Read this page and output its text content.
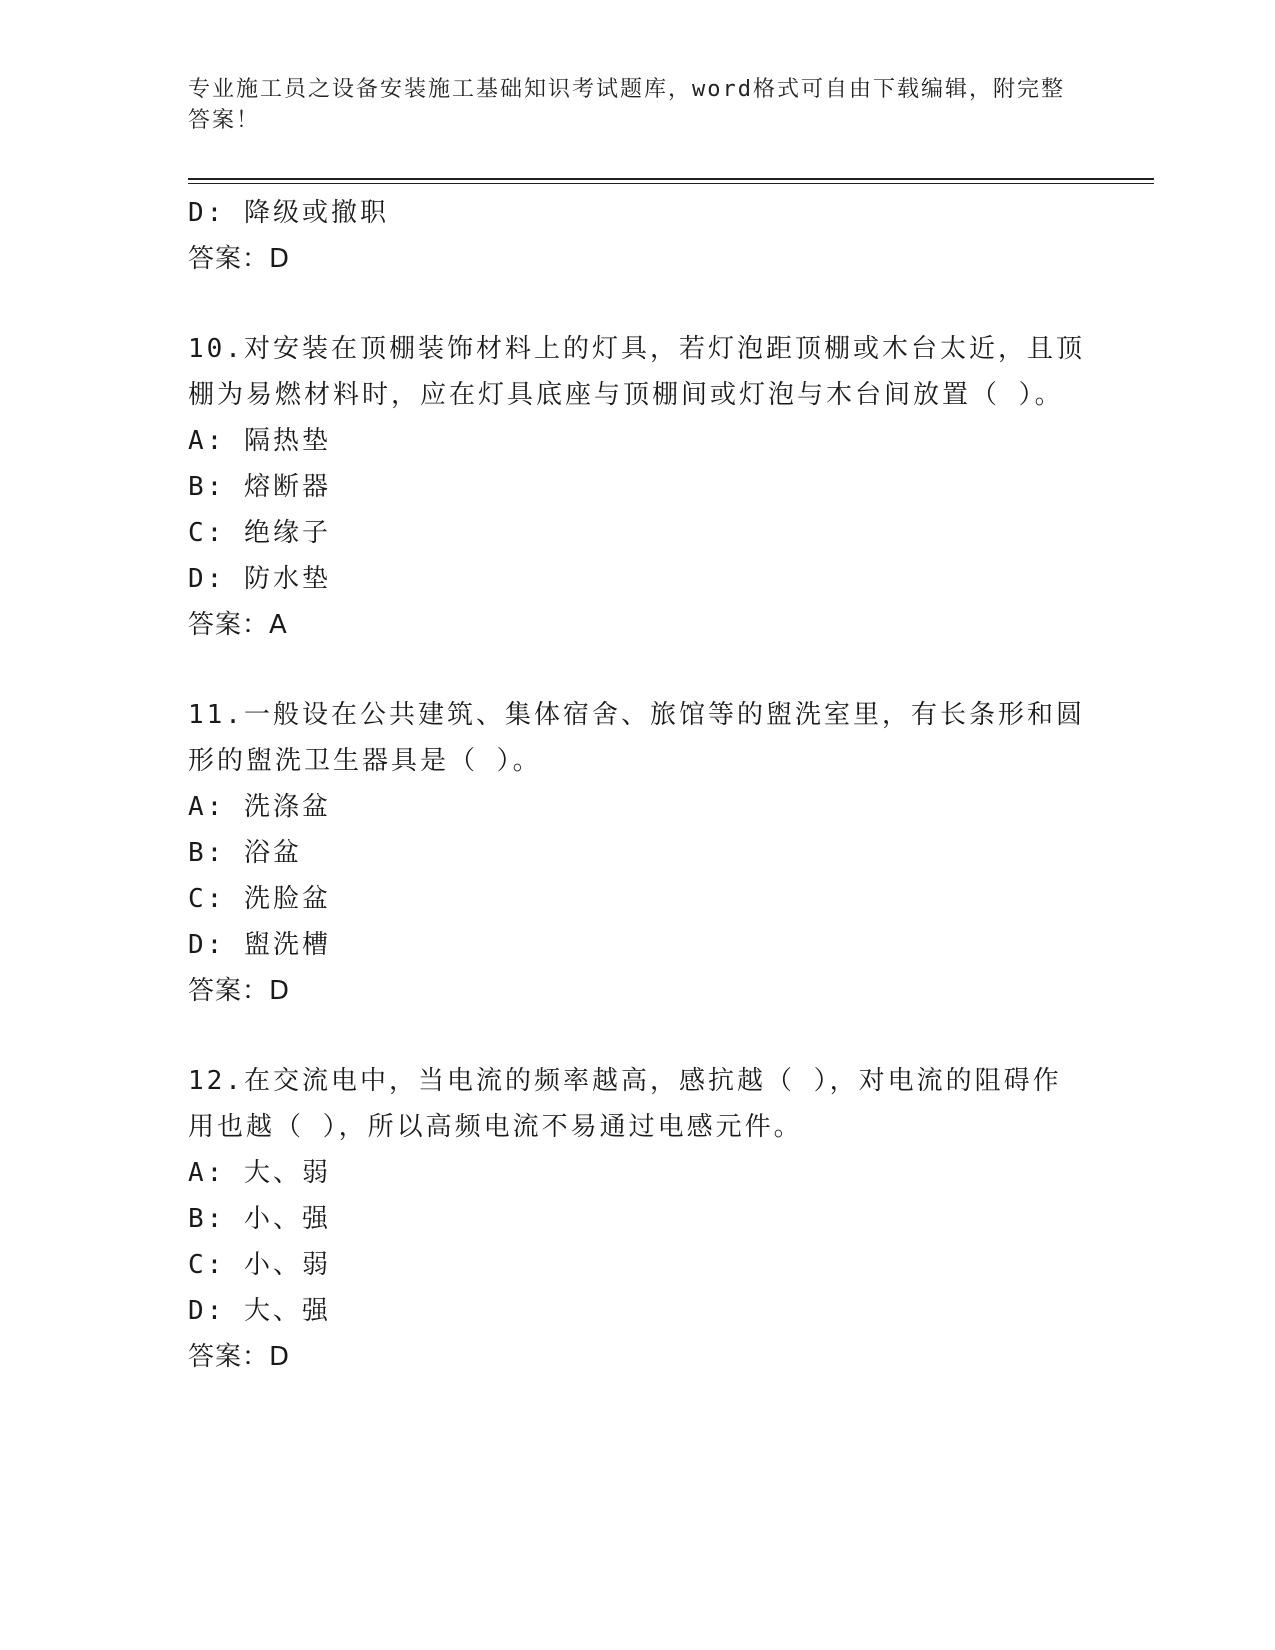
专业施工员之设备安装施工基础知识考试题库，word格式可自由下载编辑，附完整答案！
D: 降级或撤职
答案：D
10.对安装在顶棚装饰材料上的灯具，若灯泡距顶棚或木台太近，且顶棚为易燃材料时，应在灯具底座与顶棚间或灯泡与木台间放置（ ）。
A: 隔热垫
B: 熔断器
C: 绝缘子
D: 防水垫
答案：A
11.一般设在公共建筑、集体宿舍、旅馆等的盥洗室里，有长条形和圆形的盥洗卫生器具是（ ）。
A: 洗涤盆
B: 浴盆
C: 洗脸盆
D: 盥洗槽
答案：D
12.在交流电中，当电流的频率越高，感抗越（ ），对电流的阻碍作用也越（ ），所以高频电流不易通过电感元件。
A: 大、弱
B: 小、强
C: 小、弱
D: 大、强
答案：D
